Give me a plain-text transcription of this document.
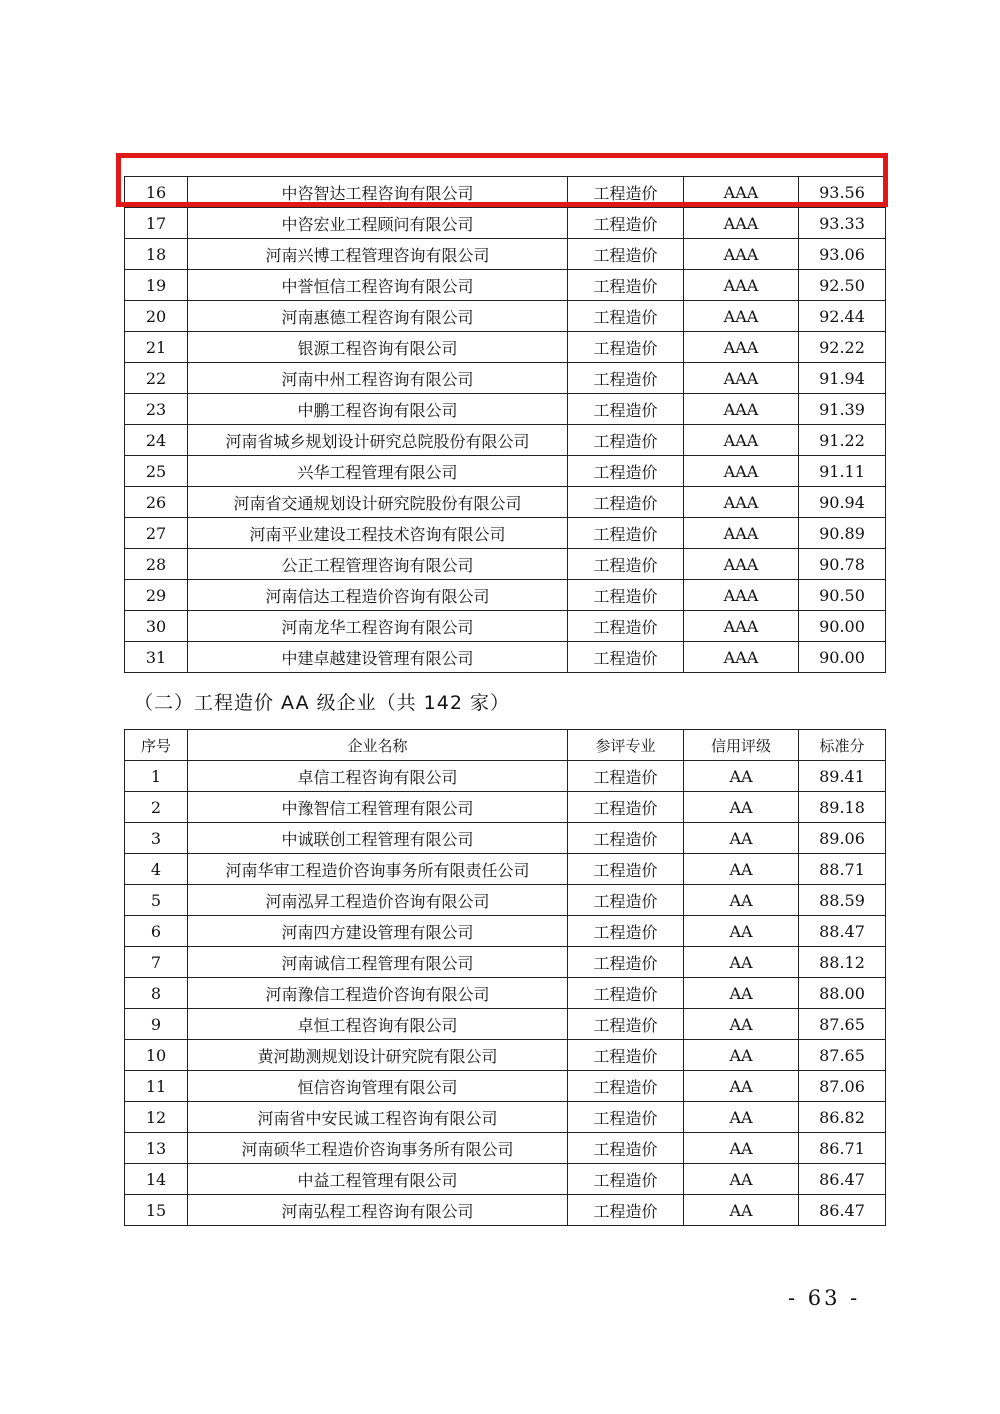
16	中咨智达工程咨询有限公司	工程造价	AAA	93.56
17	中咨宏业工程顾问有限公司	工程造价	AAA	93.33
18	河南兴博工程管理咨询有限公司	工程造价	AAA	93.06
19	中誉恒信工程咨询有限公司	工程造价	AAA	92.50
20	河南惠德工程咨询有限公司	工程造价	AAA	92.44
21	银源工程咨询有限公司	工程造价	AAA	92.22
22	河南中州工程咨询有限公司	工程造价	AAA	91.94
23	中鹏工程咨询有限公司	工程造价	AAA	91.39
24	河南省城乡规划设计研究总院股份有限公司	工程造价	AAA	91.22
25	兴华工程管理有限公司	工程造价	AAA	91.11
26	河南省交通规划设计研究院股份有限公司	工程造价	AAA	90.94
27	河南平业建设工程技术咨询有限公司	工程造价	AAA	90.89
28	公正工程管理咨询有限公司	工程造价	AAA	90.78
29	河南信达工程造价咨询有限公司	工程造价	AAA	90.50
30	河南龙华工程咨询有限公司	工程造价	AAA	90.00
31	中建卓越建设管理有限公司	工程造价	AAA	90.00
（二）工程造价 AA 级企业（共 142 家）
序号	企业名称	参评专业	信用评级	标准分
1	卓信工程咨询有限公司	工程造价	AA	89.41
2	中豫智信工程管理有限公司	工程造价	AA	89.18
3	中诚联创工程管理有限公司	工程造价	AA	89.06
4	河南华审工程造价咨询事务所有限责任公司	工程造价	AA	88.71
5	河南泓昇工程造价咨询有限公司	工程造价	AA	88.59
6	河南四方建设管理有限公司	工程造价	AA	88.47
7	河南诚信工程管理有限公司	工程造价	AA	88.12
8	河南豫信工程造价咨询有限公司	工程造价	AA	88.00
9	卓恒工程咨询有限公司	工程造价	AA	87.65
10	黄河勘测规划设计研究院有限公司	工程造价	AA	87.65
11	恒信咨询管理有限公司	工程造价	AA	87.06
12	河南省中安民诚工程咨询有限公司	工程造价	AA	86.82
13	河南硕华工程造价咨询事务所有限公司	工程造价	AA	86.71
14	中益工程管理有限公司	工程造价	AA	86.47
15	河南弘程工程咨询有限公司	工程造价	AA	86.47
- 63 -
